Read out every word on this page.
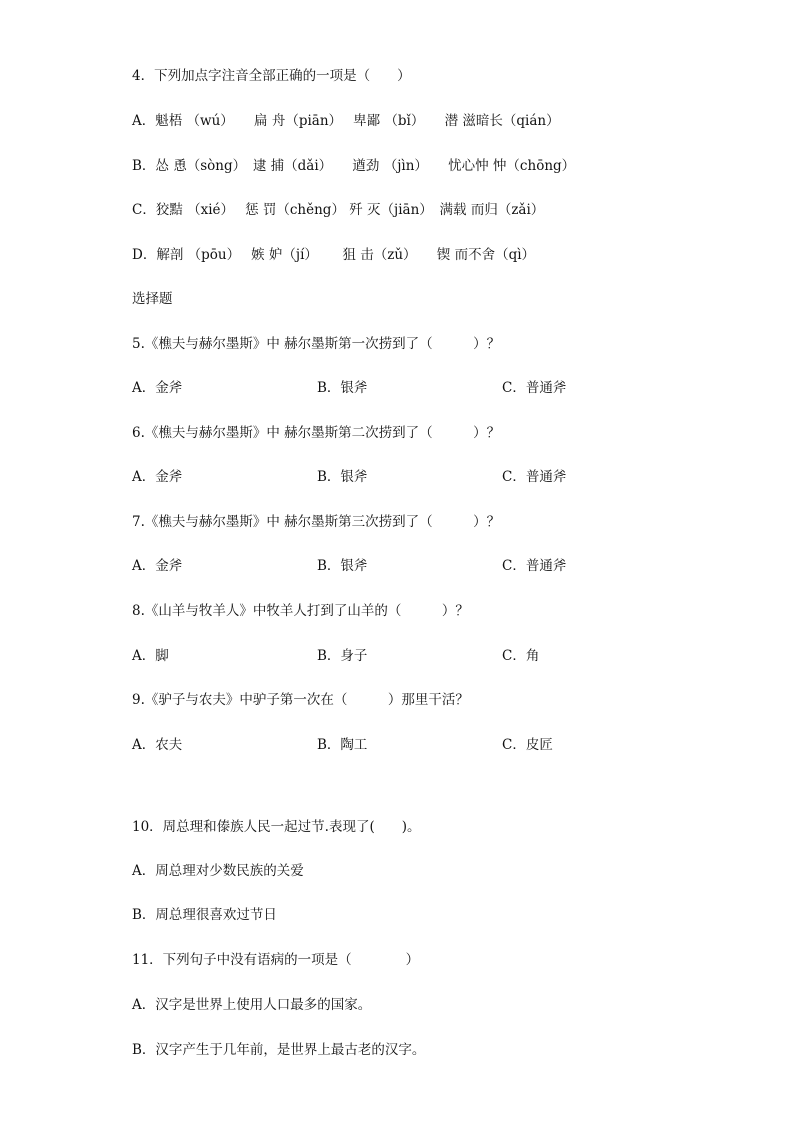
4．下列加点字注音全部正确的一项是（　　）
A．魁梧 （wú）　　扁 舟（piān）　 卑鄙 （bǐ）　　潜 滋暗长（qián）
B．怂 恿（sòng）　逮 捕（dǎi）　　遒劲 （jìn）　　忧心忡 忡（chōng）
C．狡黠 （xié）　 惩 罚（chěng） 歼 灭（jiān）　满载 而归（zǎi）
D．解剖 （pōu）　 嫉 妒（jí）　　 狙 击（zǔ）　　锲 而不舍（qì）
选择题
5.《樵夫与赫尔墨斯》中 赫尔墨斯第一次捞到了（　　　）？
A．金斧	B．银斧	C．普通斧
6.《樵夫与赫尔墨斯》中 赫尔墨斯第二次捞到了（　　　）？
A．金斧	B．银斧	C．普通斧
7.《樵夫与赫尔墨斯》中 赫尔墨斯第三次捞到了（　　　）？
A．金斧	B．银斧	C．普通斧
8.《山羊与牧羊人》中牧羊人打到了山羊的（　　　）？
A．脚	B．身子	C．角
9.《驴子与农夫》中驴子第一次在（　　　）那里干活？
A．农夫	B．陶工	C．皮匠
10．周总理和傣族人民一起过节.表现了(　　)。
A．周总理对少数民族的关爱
B．周总理很喜欢过节日
11．下列句子中没有语病的一项是（　　　　）
A．汉字是世界上使用人口最多的国家。
B．汉字产生于几年前，是世界上最古老的汉字。
